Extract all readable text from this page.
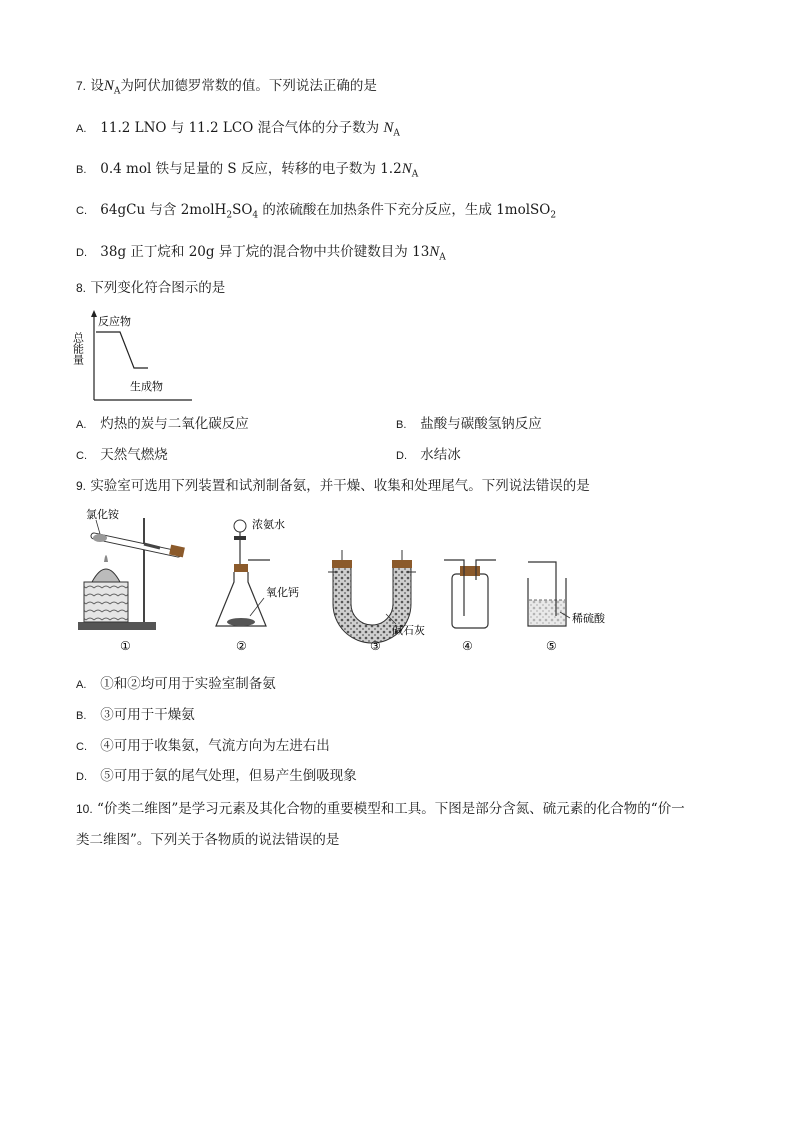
7. 设$N_A$为阿伏加德罗常数的值。下列说法正确的是
A. 11.2 LNO 与 11.2 LCO 混合气体的分子数为 $N_A$
B. 0.4 mol 铁与足量的 S 反应，转移的电子数为 $1.2N_A$
C. 64gCu 与含 $2molH_2SO_4$ 的浓硫酸在加热条件下充分反应，生成 1molSO$_2$
D. 38g 正丁烷和 20g 异丁烷的混合物中共价键数目为 $13N_A$
8. 下列变化符合图示的是
总能量
反应物
生成物
A. 灼热的炭与二氧化碳反应	B. 盐酸与碳酸氢钠反应
C. 天然气燃烧	D. 水结冰
9. 实验室可选用下列装置和试剂制备氨，并干燥、收集和处理尾气。下列说法错误的是
氯化铵
①
浓氨水
氧化钙
②
碱石灰
③	④
稀硫酸
⑤
A. ①和②均可用于实验室制备氨
B. ③可用于干燥氨
C. ④可用于收集氨，气流方向为左进右出
D. ⑤可用于氨的尾气处理，但易产生倒吸现象
10. “价类二维图”是学习元素及其化合物的重要模型和工具。下图是部分含氮、硫元素的化合物的“价一
类二维图”。下列关于各物质的说法错误的是
